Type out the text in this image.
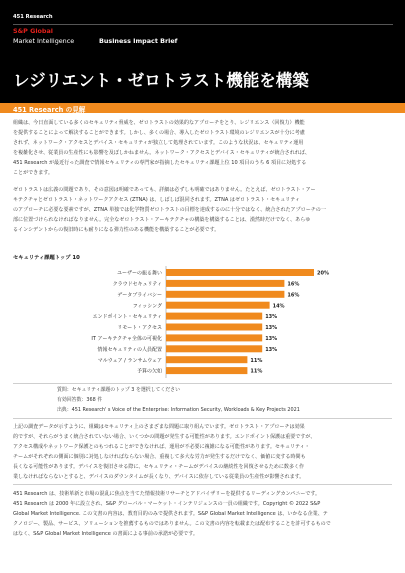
451 Research
S&P Global
Market Intelligence	Business Impact Brief
レジリエント・ゼロトラスト機能を構築
451 Research の見解

組織は、今日直面している多くのセキュリティ脅威を、ゼロトラストの効果的なアプローチをとり、レジリエンス（回復力）機能
を提供することによって解決することができます。しかし、多くの場合、導入したゼロトラスト環境のレジリエンスが十分に考慮
されず、ネットワーク・アクセスとデバイス・セキュリティが独立して処理されています。このような状況は、セキュリティ運用
を複雑化させ、従業員の生産性にも影響を及ぼしかねません。ネットワーク・アクセスとデバイス・セキュリティが統合されれば、
451 Research が最近行った調査で情報セキュリティの専門家が指摘したセキュリティ課題上位 10 項目のうち 6 項目に対処する
ことができます。

ゼロトラストは広義の問題であり、その意図は明確であっても、詳細は必ずしも明確ではありません。たとえば、ゼロトラスト・アー
キテクチャとゼロトラスト・ネットワークアクセス (ZTNA) は、しばしば混同されます。ZTNA はゼロトラスト・セキュリティ
のアプローチに必要な要素ですが、ZTNA 単独では化学物質ゼロトラストの目標を達成するのに十分ではなく、統合されたアプローチの一
部に位置づけられなければなりません。完全なゼロトラスト・アーキテクチャの構築を構築することは、漢然時だけでなく、あらゆ
るインシデントからの復旧時にも耐りになる弾力性のある機能を構築することが必要です。

セキュリティ課題トップ 10
ユーザーの振る舞い	20%
クラウドセキュリティ	16%
データプライバシー	16%
フィッシング	14%
エンドポイント・セキュリティ	13%
リモート・アクセス	13%
IT アーキテクチャ全体の可視化	13%
情報セキュリティの人員配置	13%
マルウェア / ランサムウェア	11%
予算の欠如	11%
質問：セキュリティ課題のトップ 3 を選択してください
有効回答数：368 件
出典：451 Research' s Voice of the Enterprise: Information Security, Workloads & Key Projects 2021

上記の調査データが示すように、組織はセキュリティ上のさまざまな問題に取り組んでいます。ゼロトラスト・アプローチは効果
的ですが、それらがうまく統合されていない場合、いくつかの問題が発生する可能性があります。エンドポイント保護は重要ですが、
アクセス構成やネットワーク保護とのもつれることができなければ、運用が不必要に複雑になる可能性があります。セキュリティ・
チームがそれぞれの側面に個別に対処しなければならない場合、重複して多大な労力が発生するだけでなく、価値に変する時間も
長くなる可能性があります。デバイスを復旧させる際に、セキュリティ・チームがデバイスの継続性を回復させるために数多く作
業しなければならないとすると、デバイスのダウンタイムが長くなり、デバイスに依存している従業員の生産性が影響されます。

451 Research は、技術革新と市場の混乱に焦点を当てた情報技術リサーチとアドバイザリーを提供するリーディングカンパニーです。
451 Research は 2000 年に設立され、S&P グローバル・マーケット・インテリジェンスの一員の組織です。Copyright © 2022 S&P
Global Market Intelligence. この文書の内容は、教育目的のみで提供されます。S&P Global Market Intelligence は、いかなる企業、テ
クノロジー、製品、サービス、ソリューションを推薦するものではありません。この文書の内容を転載または配布することを許可するもので
はなく、S&P Global Market Intelligence の書面による事前の承諾が必要です。
